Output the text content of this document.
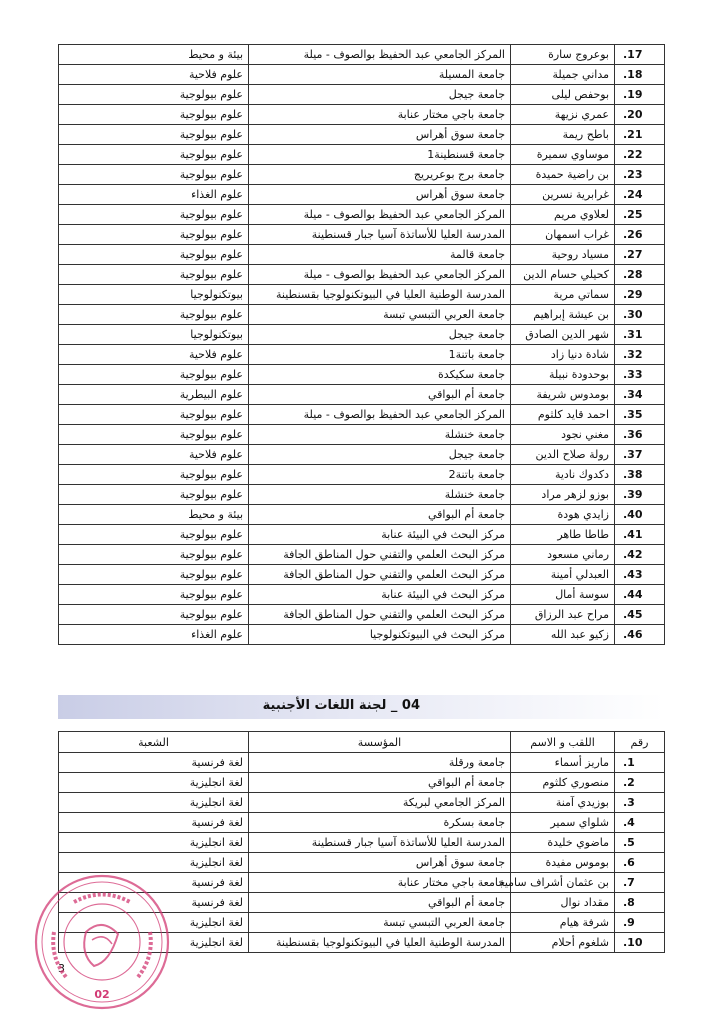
بيئة و محيط	المركز الجامعي عبد الحفيظ بوالصوف - ميلة	بوعروج سارة	.17
علوم فلاحية	جامعة المسيلة	مداني جميلة	.18
علوم بيولوجية	جامعة جيجل	بوحفص ليلى	.19
علوم بيولوجية	جامعة باجي مختار عنابة	عمري نزيهة	.20
علوم بيولوجية	جامعة سوق أهراس	باطح ريمة	.21
علوم بيولوجية	جامعة قسنطينة1	موساوي سميرة	.22
علوم بيولوجية	جامعة برج بوعريريج	بن راضية حميدة	.23
علوم الغذاء	جامعة سوق أهراس	غرابرية نسرين	.24
علوم بيولوجية	المركز الجامعي عبد الحفيظ بوالصوف - ميلة	لعلاوي مريم	.25
علوم بيولوجية	المدرسة العليا للأساتذة آسيا جبار قسنطينة	غراب اسمهان	.26
علوم بيولوجية	جامعة قالمة	مسياد روحية	.27
علوم بيولوجية	المركز الجامعي عبد الحفيظ بوالصوف - ميلة	كحيلي حسام الدين	.28
بيوتكنولوجيا	المدرسة الوطنية العليا في البيوتكنولوجيا بقسنطينة	سماتي مرية	.29
علوم بيولوجية	جامعة العربي التبسي تبسة	بن عيشة إبراهيم	.30
بيوتكنولوجيا	جامعة جيجل	شهر الدين الصادق	.31
علوم فلاحية	جامعة باتنة1	شادة دنيا زاد	.32
علوم بيولوجية	جامعة سكيكدة	بوحدودة نبيلة	.33
علوم البيطرية	جامعة أم البواقي	بومدوس شريفة	.34
علوم بيولوجية	المركز الجامعي عبد الحفيظ بوالصوف - ميلة	احمد قايد كلثوم	.35
علوم بيولوجية	جامعة خنشلة	مغني نجود	.36
علوم فلاحية	جامعة جيجل	رولة صلاح الدين	.37
علوم بيولوجية	جامعة باتنة2	دكدوك نادية	.38
علوم بيولوجية	جامعة خنشلة	بوزو لزهر مراد	.39
بيئة و محيط	جامعة أم البواقي	زايدي هودة	.40
علوم بيولوجية	مركز البحث في البيئة عنابة	طاطا طاهر	.41
علوم بيولوجية	مركز البحث العلمي والتقني حول المناطق الجافة	رماني مسعود	.42
علوم بيولوجية	مركز البحث العلمي والتقني حول المناطق الجافة	العبدلي أمينة	.43
علوم بيولوجية	مركز البحث في البيئة عنابة	سوسة أمال	.44
علوم بيولوجية	مركز البحث العلمي والتقني حول المناطق الجافة	مراح عبد الرزاق	.45
علوم الغذاء	مركز البحث في البيوتكنولوجيا	زكيو عبد الله	.46
04 _ لجنة اللغات الأجنبية
الشعبة	المؤسسة	اللقب و الاسم	رقم
لغة فرنسية	جامعة ورقلة	ماريز أسماء	.1
لغة انجليزية	جامعة أم البواقي	منصوري كلثوم	.2
لغة انجليزية	المركز الجامعي لبريكة	بوزيدي آمنة	.3
لغة فرنسية	جامعة بسكرة	شلواي سمير	.4
لغة انجليزية	المدرسة العليا للأساتذة آسيا جبار قسنطينة	ماضوي خليدة	.5
لغة انجليزية	جامعة سوق أهراس	بوموس مفيدة	.6
لغة فرنسية	جامعة باجي مختار عنابة	بن عثمان أشراف سامية	.7
لغة فرنسية	جامعة أم البواقي	مقداد نوال	.8
لغة انجليزية	جامعة العربي التبسي تبسة	شرفة هيام	.9
لغة انجليزية	المدرسة الوطنية العليا في البيوتكنولوجيا بقسنطينة	شلغوم أحلام	.10
3
02
